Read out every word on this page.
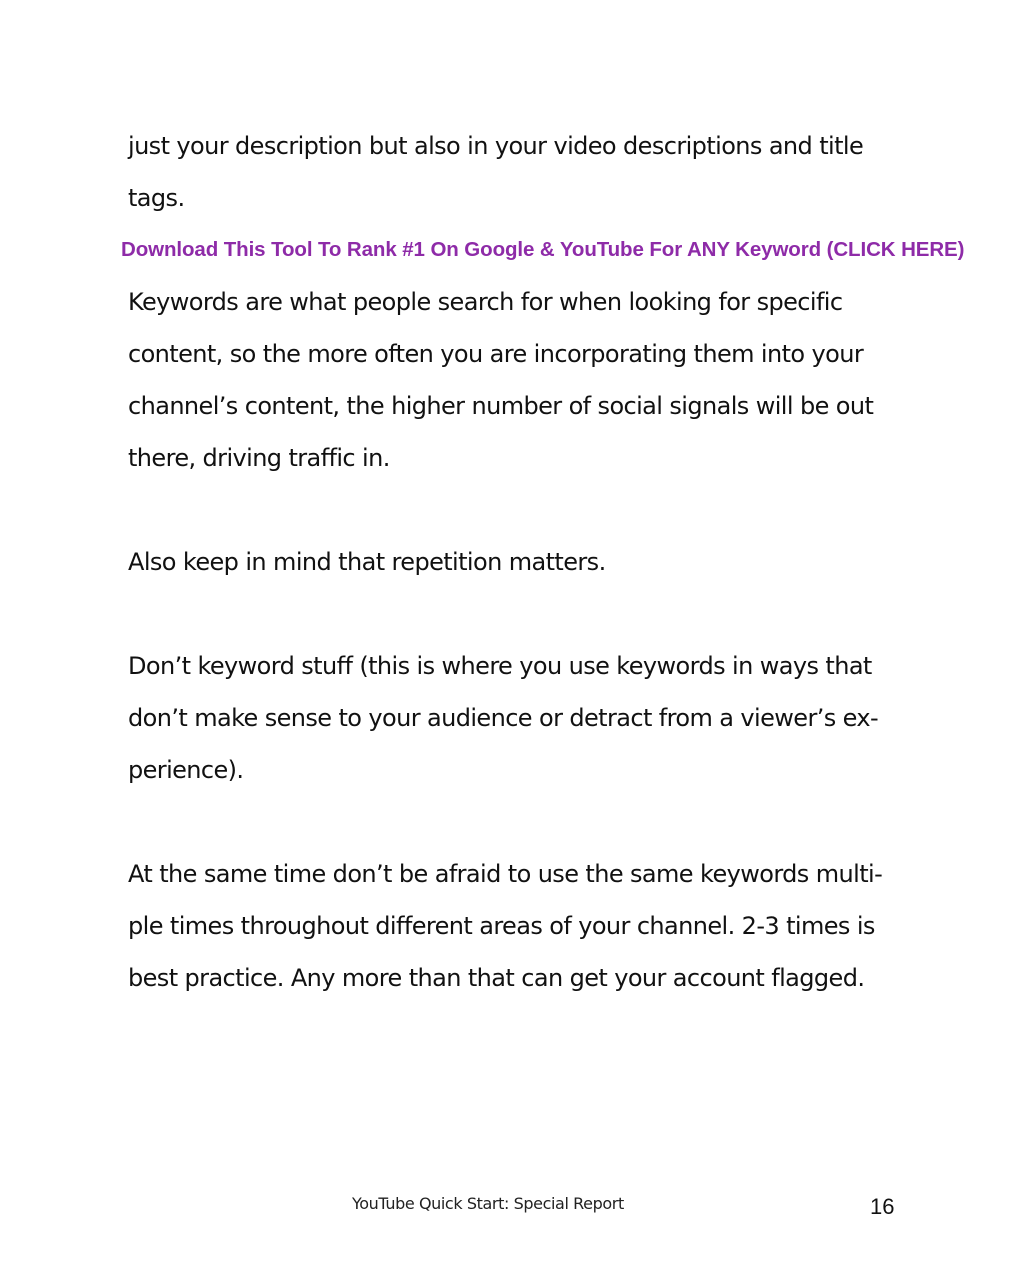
just your description but also in your video descriptions and title
tags.
Download This Tool To Rank #1 On Google & YouTube For ANY Keyword (CLICK HERE)
Keywords are what people search for when looking for specific
content, so the more often you are incorporating them into your
channel’s content, the higher number of social signals will be out
there, driving traffic in.
Also keep in mind that repetition matters.
Don’t keyword stuff (this is where you use keywords in ways that
don’t make sense to your audience or detract from a viewer’s ex-
perience).
At the same time don’t be afraid to use the same keywords multi-
ple times throughout different areas of your channel. 2-3 times is
best practice. Any more than that can get your account flagged.
YouTube Quick Start: Special Report	16
